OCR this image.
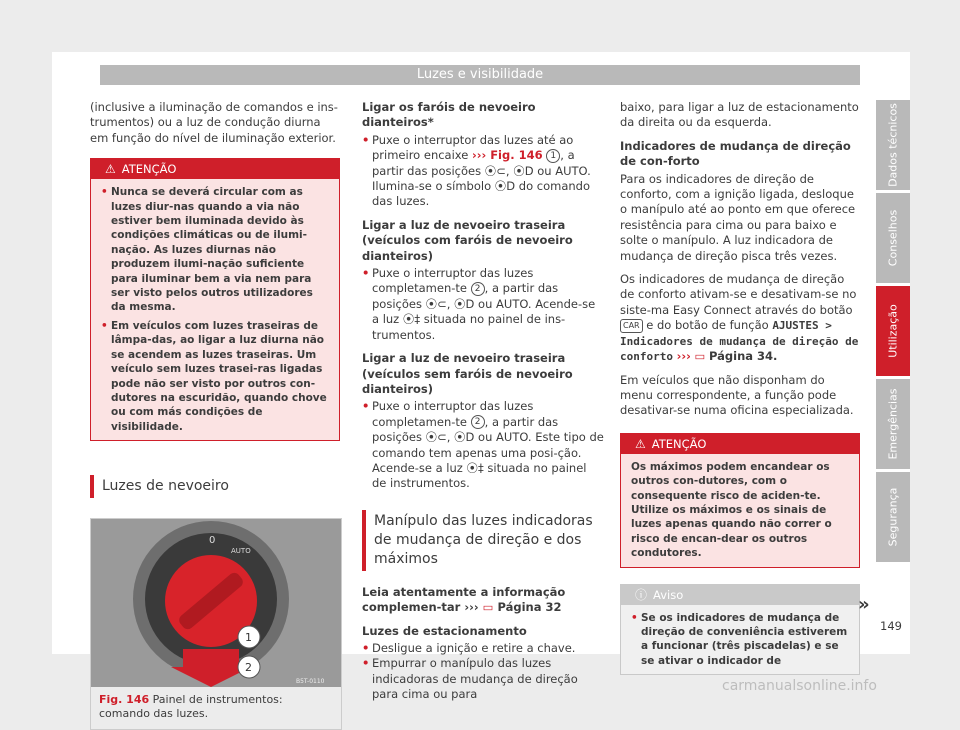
Luzes e visibilidade

(inclusive a iluminação de comandos e ins-trumentos) ou a luz de condução diurna em função do nível de iluminação exterior.

⚠ ATENÇÃO
• Nunca se deverá circular com as luzes diur-nas quando a via não estiver bem iluminada devido às condições climáticas ou de ilumi-nação. As luzes diurnas não produzem ilumi-nação suficiente para iluminar bem a via nem para ser visto pelos outros utilizadores da mesma.
• Em veículos com luzes traseiras de lâmpa-das, ao ligar a luz diurna não se acendem as luzes traseiras. Um veículo sem luzes trasei-ras ligadas pode não ser visto por outros con-dutores na escuridão, quando chove ou com más condições de visibilidade.
Luzes de nevoeiro
0
AUTO
1
2
B5T-0110
Fig. 146 Painel de instrumentos: comando das luzes.

Ligar os faróis de nevoeiro dianteiros*

• Puxe o interruptor das luzes até ao primeiro encaixe ››› Fig. 146 1 , a partir das posições ⦿⊂, ⦿D ou AUTO. Ilumina-se o símbolo ⦿D do comando das luzes.

Ligar a luz de nevoeiro traseira (veículos com faróis de nevoeiro dianteiros)

• Puxe o interruptor das luzes completamen-te 2 , a partir das posições ⦿⊂, ⦿D ou AUTO. Acende-se a luz ⦿‡ situada no painel de ins-trumentos.

Ligar a luz de nevoeiro traseira (veículos sem faróis de nevoeiro dianteiros)

• Puxe o interruptor das luzes completamen-te 2 , a partir das posições ⦿⊂, ⦿D ou AUTO. Este tipo de comando tem apenas uma posi-ção. Acende-se a luz ⦿‡ situada no painel de instrumentos.

Manípulo das luzes indicadoras de mudança de direção e dos máximos

Leia atentamente a informação complemen-tar ››› ▭ Página 32

Luzes de estacionamento

• Desligue a ignição e retire a chave.
• Empurrar o manípulo das luzes indicadoras de mudança de direção para cima ou para

baixo, para ligar a luz de estacionamento da direita ou da esquerda.

Indicadores de mudança de direção de con-forto

Para os indicadores de direção de conforto, com a ignição ligada, desloque o manípulo até ao ponto em que oferece resistência para cima ou para baixo e solte o manípulo. A luz indicadora de mudança de direção pisca três vezes.

Os indicadores de mudança de direção de conforto ativam-se e desativam-se no siste-ma Easy Connect através do botão CAR e do botão de função AJUSTES > Indicadores de mudança de direção de conforto ››› ▭ Página 34.

Em veículos que não disponham do menu correspondente, a função pode desativar-se numa oficina especializada.

⚠ ATENÇÃO
Os máximos podem encandear os outros con-dutores, com o consequente risco de aciden-te. Utilize os máximos e os sinais de luzes apenas quando não correr o risco de encan-dear os outros condutores.
ⓘ Aviso
• Se os indicadores de mudança de direção de conveniência estiverem a funcionar (três piscadelas) e se se ativar o indicador de
Dados técnicos
Conselhos
Utilização
Emergências
Segurança
»
149
carmanualsonline.info
